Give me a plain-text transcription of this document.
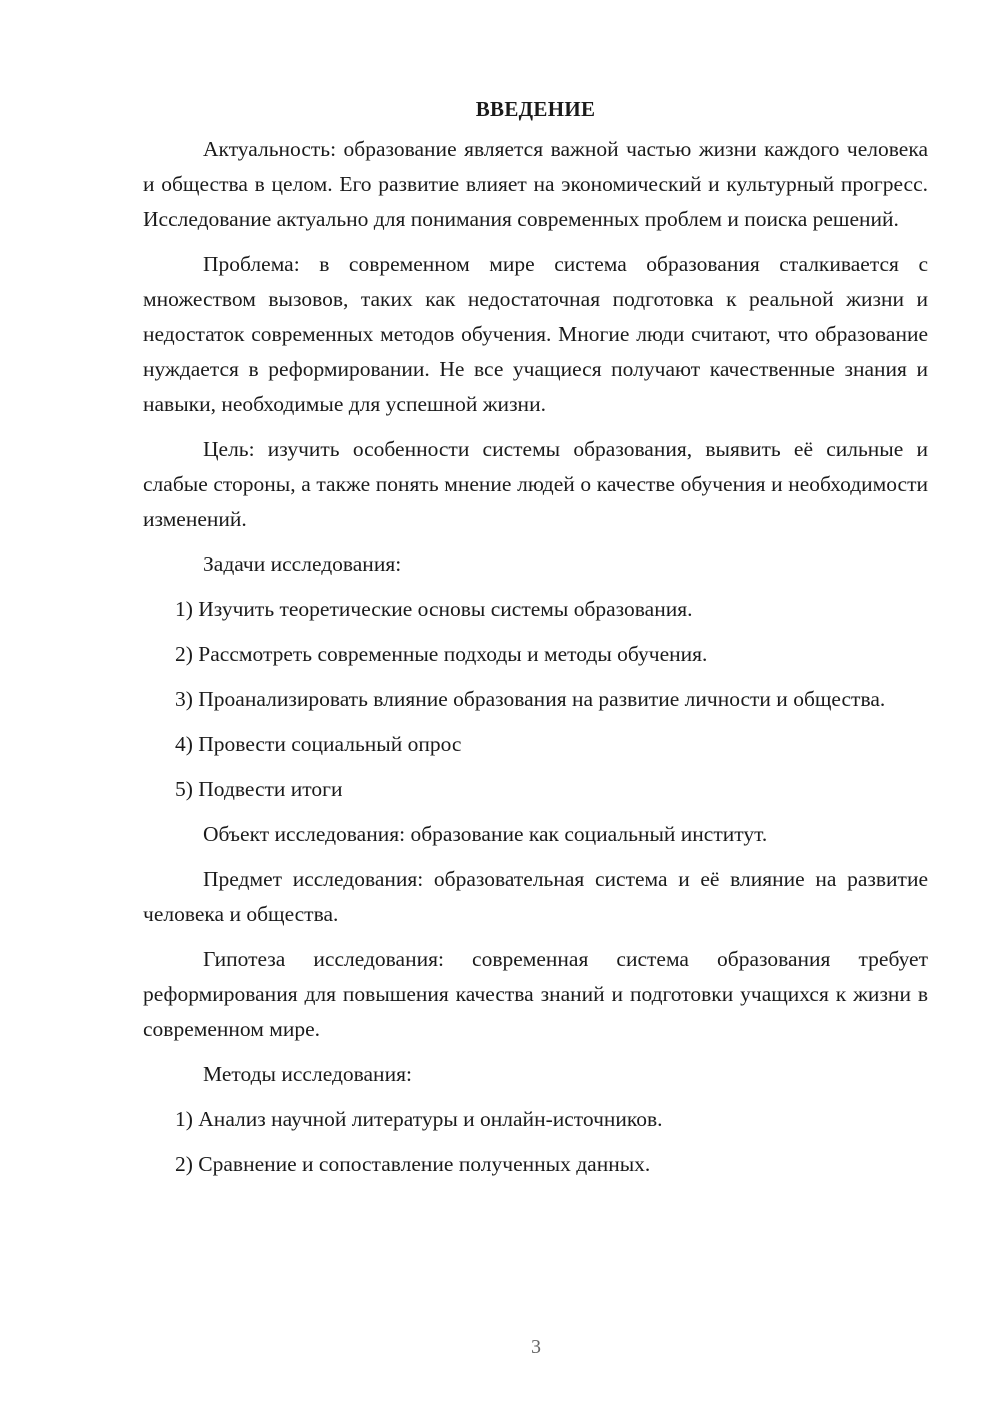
ВВЕДЕНИЕ
Актуальность: образование является важной частью жизни каждого человека и общества в целом. Его развитие влияет на экономический и культурный прогресс. Исследование актуально для понимания современных проблем и поиска решений.
Проблема: в современном мире система образования сталкивается с множеством вызовов, таких как недостаточная подготовка к реальной жизни и недостаток современных методов обучения. Многие люди считают, что образование нуждается в реформировании. Не все учащиеся получают качественные знания и навыки, необходимые для успешной жизни.
Цель: изучить особенности системы образования, выявить её сильные и слабые стороны, а также понять мнение людей о качестве обучения и необходимости изменений.
Задачи исследования:
1) Изучить теоретические основы системы образования.
2) Рассмотреть современные подходы и методы обучения.
3) Проанализировать влияние образования на развитие личности и общества.
4) Провести социальный опрос
5) Подвести итоги
Объект исследования: образование как социальный институт.
Предмет исследования: образовательная система и её влияние на развитие человека и общества.
Гипотеза исследования: современная система образования требует реформирования для повышения качества знаний и подготовки учащихся к жизни в современном мире.
Методы исследования:
1) Анализ научной литературы и онлайн-источников.
2) Сравнение и сопоставление полученных данных.
3
